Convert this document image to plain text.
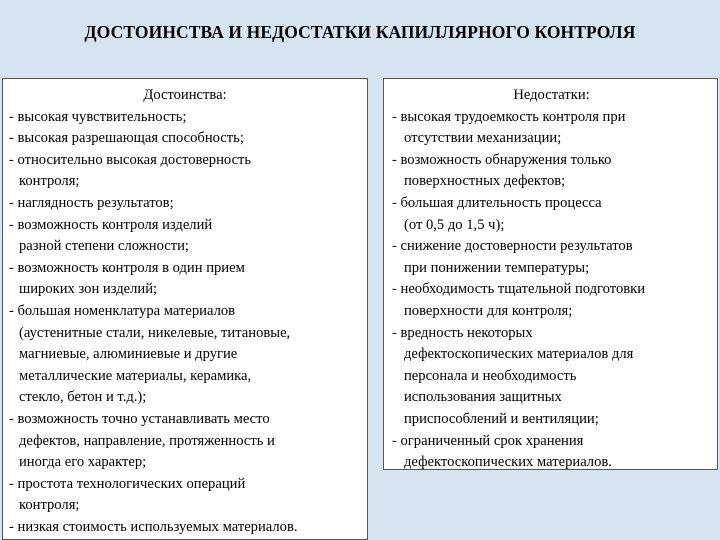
ДОСТОИНСТВА И НЕДОСТАТКИ КАПИЛЛЯРНОГО КОНТРОЛЯ
Достоинства:
- высокая чувствительность;
- высокая разрешающая способность;
- относительно высокая достоверность
контроля;
- наглядность результатов;
- возможность контроля изделий
разной степени сложности;
- возможность контроля в один прием
широких зон изделий;
- большая номенклатура материалов
(аустенитные стали, никелевые, титановые,
магниевые, алюминиевые и другие
металлические материалы, керамика,
стекло, бетон и т.д.);
- возможность точно устанавливать место
дефектов, направление, протяженность и
иногда его характер;
- простота технологических операций
контроля;
- низкая стоимость используемых материалов.
Недостатки:
- высокая трудоемкость контроля при
отсутствии механизации;
- возможность обнаружения только
поверхностных дефектов;
- большая длительность процесса
(от 0,5 до 1,5 ч);
- снижение достоверности результатов
при понижении температуры;
- необходимость тщательной подготовки
поверхности для контроля;
- вредность некоторых
дефектоскопических материалов для
персонала и необходимость
использования защитных
приспособлений и вентиляции;
- ограниченный срок хранения
дефектоскопических материалов.
